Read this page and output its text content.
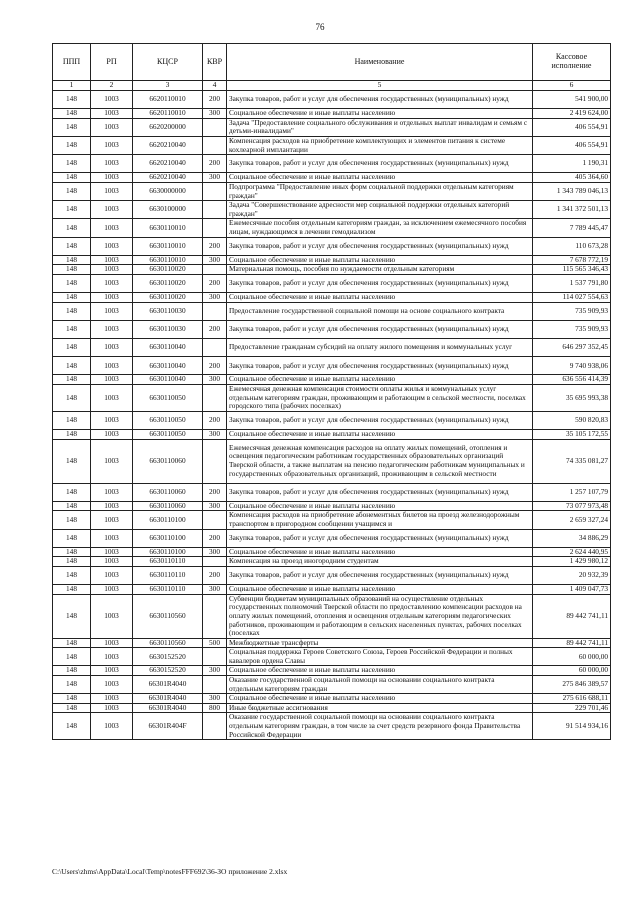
76
ППП	РП	КЦСР	КВР	Наименование	Кассовое исполнение
1	2	3	4	5	6
148	1003	6620110010	200	Закупка товаров, работ и услуг для обеспечения государственных (муниципальных) нужд	541 900,00
148	1003	6620110010	300	Социальное обеспечение и иные выплаты населению	2 419 624,00
148	1003	6620200000		Задача "Предоставление социального обслуживания и отдельных выплат инвалидам и семьям с детьми-инвалидами"	406 554,91
148	1003	6620210040		Компенсация расходов на приобретение комплектующих и элементов питания к системе кохлеарной имплантации	406 554,91
148	1003	6620210040	200	Закупка товаров, работ и услуг для обеспечения государственных (муниципальных) нужд	1 190,31
148	1003	6620210040	300	Социальное обеспечение и иные выплаты населению	405 364,60
148	1003	6630000000		Подпрограмма "Предоставление иных форм социальной поддержки отдельным категориям граждан"	1 343 789 046,13
148	1003	6630100000		Задача "Совершенствование адресности мер социальной поддержки отдельных категорий граждан"	1 341 372 501,13
148	1003	6630110010		Ежемесячные пособия отдельным категориям граждан, за исключением ежемесячного пособия лицам, нуждающимся в лечении гемодиализом	7 789 445,47
148	1003	6630110010	200	Закупка товаров, работ и услуг для обеспечения государственных (муниципальных) нужд	110 673,28
148	1003	6630110010	300	Социальное обеспечение и иные выплаты населению	7 678 772,19
148	1003	6630110020		Материальная помощь, пособия по нуждаемости отдельным категориям	115 565 346,43
148	1003	6630110020	200	Закупка товаров, работ и услуг для обеспечения государственных (муниципальных) нужд	1 537 791,80
148	1003	6630110020	300	Социальное обеспечение и иные выплаты населению	114 027 554,63
148	1003	6630110030		Предоставление государственной социальной помощи на основе социального контракта	735 909,93
148	1003	6630110030	200	Закупка товаров, работ и услуг для обеспечения государственных (муниципальных) нужд	735 909,93
148	1003	6630110040		Предоставление гражданам субсидий на оплату жилого помещения и коммунальных услуг	646 297 352,45
148	1003	6630110040	200	Закупка товаров, работ и услуг для обеспечения государственных (муниципальных) нужд	9 740 938,06
148	1003	6630110040	300	Социальное обеспечение и иные выплаты населению	636 556 414,39
148	1003	6630110050		Ежемесячная денежная компенсация стоимости оплаты жилья и коммунальных услуг отдельным категориям граждан, проживающим и работающим в сельской местности, поселках городского типа (рабочих поселках)	35 695 993,38
148	1003	6630110050	200	Закупка товаров, работ и услуг для обеспечения государственных (муниципальных) нужд	590 820,83
148	1003	6630110050	300	Социальное обеспечение и иные выплаты населению	35 105 172,55
148	1003	6630110060		Ежемесячная денежная компенсация расходов на оплату жилых помещений, отопления и освещения педагогическим работникам государственных образовательных организаций Тверской области, а также выплатам на пенсию педагогическим работникам муниципальных и государственных образовательных организаций, проживающим в сельской местности	74 335 081,27
148	1003	6630110060	200	Закупка товаров, работ и услуг для обеспечения государственных (муниципальных) нужд	1 257 107,79
148	1003	6630110060	300	Социальное обеспечение и иные выплаты населению	73 077 973,48
148	1003	6630110100		Компенсация расходов на приобретение абонементных билетов на проезд железнодорожным транспортом в пригородном сообщении учащимся и	2 659 327,24
148	1003	6630110100	200	Закупка товаров, работ и услуг для обеспечения государственных (муниципальных) нужд	34 886,29
148	1003	6630110100	300	Социальное обеспечение и иные выплаты населению	2 624 440,95
148	1003	6630110110		Компенсация на проезд иногородним студентам	1 429 980,12
148	1003	6630110110	200	Закупка товаров, работ и услуг для обеспечения государственных (муниципальных) нужд	20 932,39
148	1003	6630110110	300	Социальное обеспечение и иные выплаты населению	1 409 047,73
148	1003	6630110560		Субвенции бюджетам муниципальных образований на осуществление отдельных государственных полномочий Тверской области по предоставлению компенсации расходов на оплату жилых помещений, отопления и освещения отдельным категориям педагогических работников, проживающим и работающим в сельских населенных пунктах, рабочих поселках (поселках	89 442 741,11
148	1003	6630110560	500	Межбюджетные трансферты	89 442 741,11
148	1003	6630152520		Социальная поддержка Героев Советского Союза, Героев Российской Федерации и полных кавалеров ордена Славы	60 000,00
148	1003	6630152520	300	Социальное обеспечение и иные выплаты населению	60 000,00
148	1003	66301R4040		Оказание государственной социальной помощи на основании социального контракта отдельным категориям граждан	275 846 389,57
148	1003	66301R4040	300	Социальное обеспечение и иные выплаты населению	275 616 688,11
148	1003	66301R4040	800	Иные бюджетные ассигнования	229 701,46
148	1003	66301R404F		Оказание государственной социальной помощи на основании социального контракта отдельным категориям граждан, в том числе за счет средств резервного фонда Правительства Российской Федерации	91 514 934,16
C:\Users\zhms\AppData\Local\Temp\notesFFF692\36-ЗО приложение 2.xlsx
